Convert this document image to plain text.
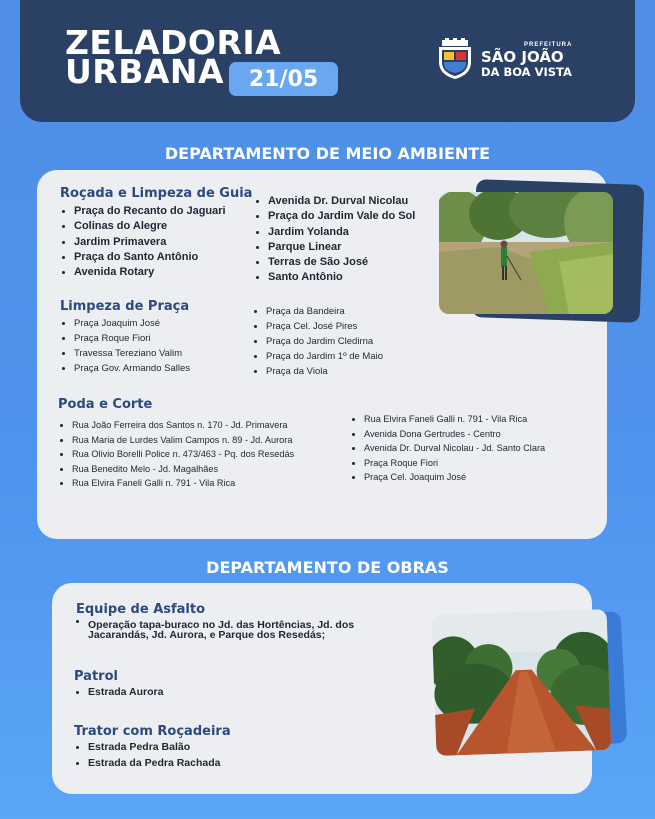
ZELADORIA
URBANA	21/05
PREFEITURA
SÃO JOÃO
DA BOA VISTA
DEPARTAMENTO DE MEIO AMBIENTE
Roçada e Limpeza de Guia
Praça do Recanto do Jaguari
Colinas do Alegre
Jardim Primavera
Praça do Santo Antônio
Avenida Rotary
Avenida Dr. Durval Nicolau
Praça do Jardim Vale do Sol
Jardim Yolanda
Parque Linear
Terras de São José
Santo Antônio
Limpeza de Praça
Praça Joaquim José
Praça Roque Fiori
Travessa Tereziano Valim
Praça Gov. Armando Salles
Praça da Bandeira
Praça Cel. José Pires
Praça do Jardim Cledirna
Praça do Jardim 1º de Maio
Praça da Viola
Poda e Corte
Rua João Ferreira dos Santos n. 170 - Jd. Primavera
Rua Maria de Lurdes Valim Campos n. 89 - Jd. Aurora
Rua Olivio Borelli Police n. 473/463 - Pq. dos Resedás
Rua Benedito Melo - Jd. Magalhães
Rua Elvira Faneli Galli n. 791 - Vila Rica
Rua Elvira Faneli Galli n. 791 - Vila Rica
Avenida Dona Gertrudes - Centro
Avenida Dr. Durval Nicolau - Jd. Santo Clara
Praça Roque Fiori
Praça Cel. Joaquim José
DEPARTAMENTO DE OBRAS
Equipe de Asfalto
Operação tapa-buraco no Jd. das Hortências, Jd. dos Jacarandás, Jd. Aurora, e Parque dos Resedás;
Patrol
Estrada Aurora
Trator com Roçadeira
Estrada Pedra Balão
Estrada da Pedra Rachada
